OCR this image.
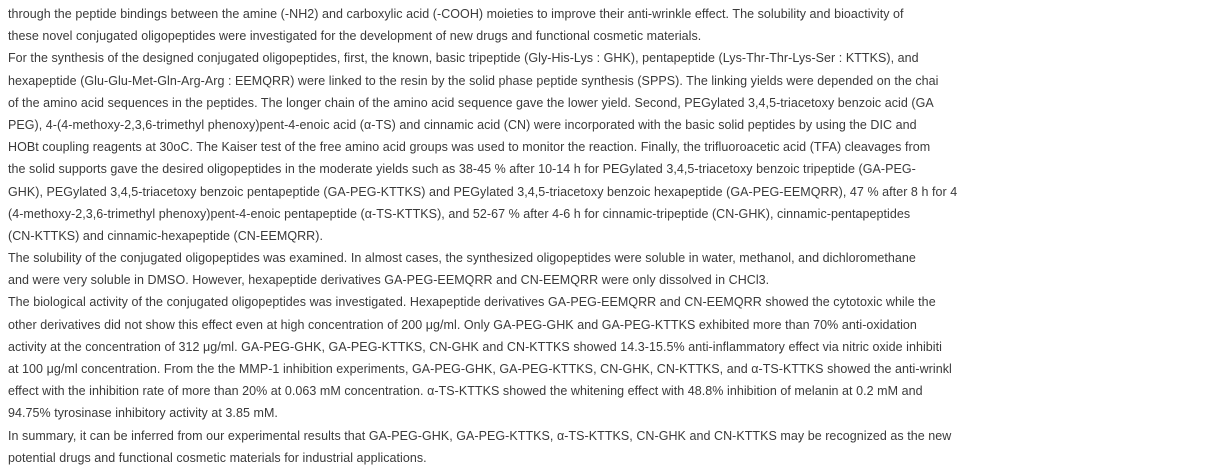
through the peptide bindings between the amine (-NH2) and carboxylic acid (-COOH) moieties to improve their anti-wrinkle effect. The solubility and bioactivity of
these novel conjugated oligopeptides were investigated for the development of new drugs and functional cosmetic materials.
For the synthesis of the designed conjugated oligopeptides, first, the known, basic tripeptide (Gly-His-Lys : GHK), pentapeptide (Lys-Thr-Thr-Lys-Ser : KTTKS), and
hexapeptide (Glu-Glu-Met-Gln-Arg-Arg : EEMQRR) were linked to the resin by the solid phase peptide synthesis (SPPS). The linking yields were depended on the chai
of the amino acid sequences in the peptides. The longer chain of the amino acid sequence gave the lower yield. Second, PEGylated 3,4,5-triacetoxy benzoic acid (GA
PEG), 4-(4-methoxy-2,3,6-trimethyl phenoxy)pent-4-enoic acid (α-TS) and cinnamic acid (CN) were incorporated with the basic solid peptides by using the DIC and
HOBt coupling reagents at 30oC. The Kaiser test of the free amino acid groups was used to monitor the reaction. Finally, the trifluoroacetic acid (TFA) cleavages from
the solid supports gave the desired oligopeptides in the moderate yields such as 38-45 % after 10-14 h for PEGylated 3,4,5-triacetoxy benzoic tripeptide (GA-PEG-
GHK), PEGylated 3,4,5-triacetoxy benzoic pentapeptide (GA-PEG-KTTKS) and PEGylated 3,4,5-triacetoxy benzoic hexapeptide (GA-PEG-EEMQRR), 47 % after 8 h for 4
(4-methoxy-2,3,6-trimethyl phenoxy)pent-4-enoic pentapeptide (α-TS-KTTKS), and 52-67 % after 4-6 h for cinnamic-tripeptide (CN-GHK), cinnamic-pentapeptides
(CN-KTTKS) and cinnamic-hexapeptide (CN-EEMQRR).
The solubility of the conjugated oligopeptides was examined. In almost cases, the synthesized oligopeptides were soluble in water, methanol, and dichloromethane
and were very soluble in DMSO. However, hexapeptide derivatives GA-PEG-EEMQRR and CN-EEMQRR were only dissolved in CHCl3.
The biological activity of the conjugated oligopeptides was investigated. Hexapeptide derivatives GA-PEG-EEMQRR and CN-EEMQRR showed the cytotoxic while the
other derivatives did not show this effect even at high concentration of 200 μg/ml. Only GA-PEG-GHK and GA-PEG-KTTKS exhibited more than 70% anti-oxidation
activity at the concentration of 312 μg/ml. GA-PEG-GHK, GA-PEG-KTTKS, CN-GHK and CN-KTTKS showed 14.3-15.5% anti-inflammatory effect via nitric oxide inhibiti
at 100 μg/ml concentration. From the the MMP-1 inhibition experiments, GA-PEG-GHK, GA-PEG-KTTKS, CN-GHK, CN-KTTKS, and α-TS-KTTKS showed the anti-wrinkl
effect with the inhibition rate of more than 20% at 0.063 mM concentration. α-TS-KTTKS showed the whitening effect with 48.8% inhibition of melanin at 0.2 mM and
94.75% tyrosinase inhibitory activity at 3.85 mM.
In summary, it can be inferred from our experimental results that GA-PEG-GHK, GA-PEG-KTTKS, α-TS-KTTKS, CN-GHK and CN-KTTKS may be recognized as the new
potential drugs and functional cosmetic materials for industrial applications.
